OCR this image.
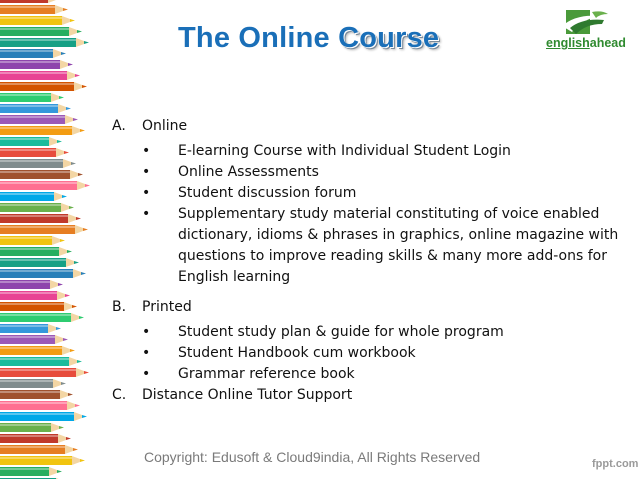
The Online Course	englishahead
A.	Online
•	E-learning Course with Individual Student Login
•	Online Assessments
•	Student discussion forum
•	Supplementary study material constituting of voice enabled dictionary, idioms & phrases in graphics, online magazine with questions to improve reading skills & many more add-ons for English learning
B.	Printed
•	Student study plan & guide for whole program
•	Student Handbook cum workbook
•	Grammar reference book
C.	Distance Online Tutor Support
Copyright: Edusoft & Cloud9india, All Rights Reserved	fppt.com
